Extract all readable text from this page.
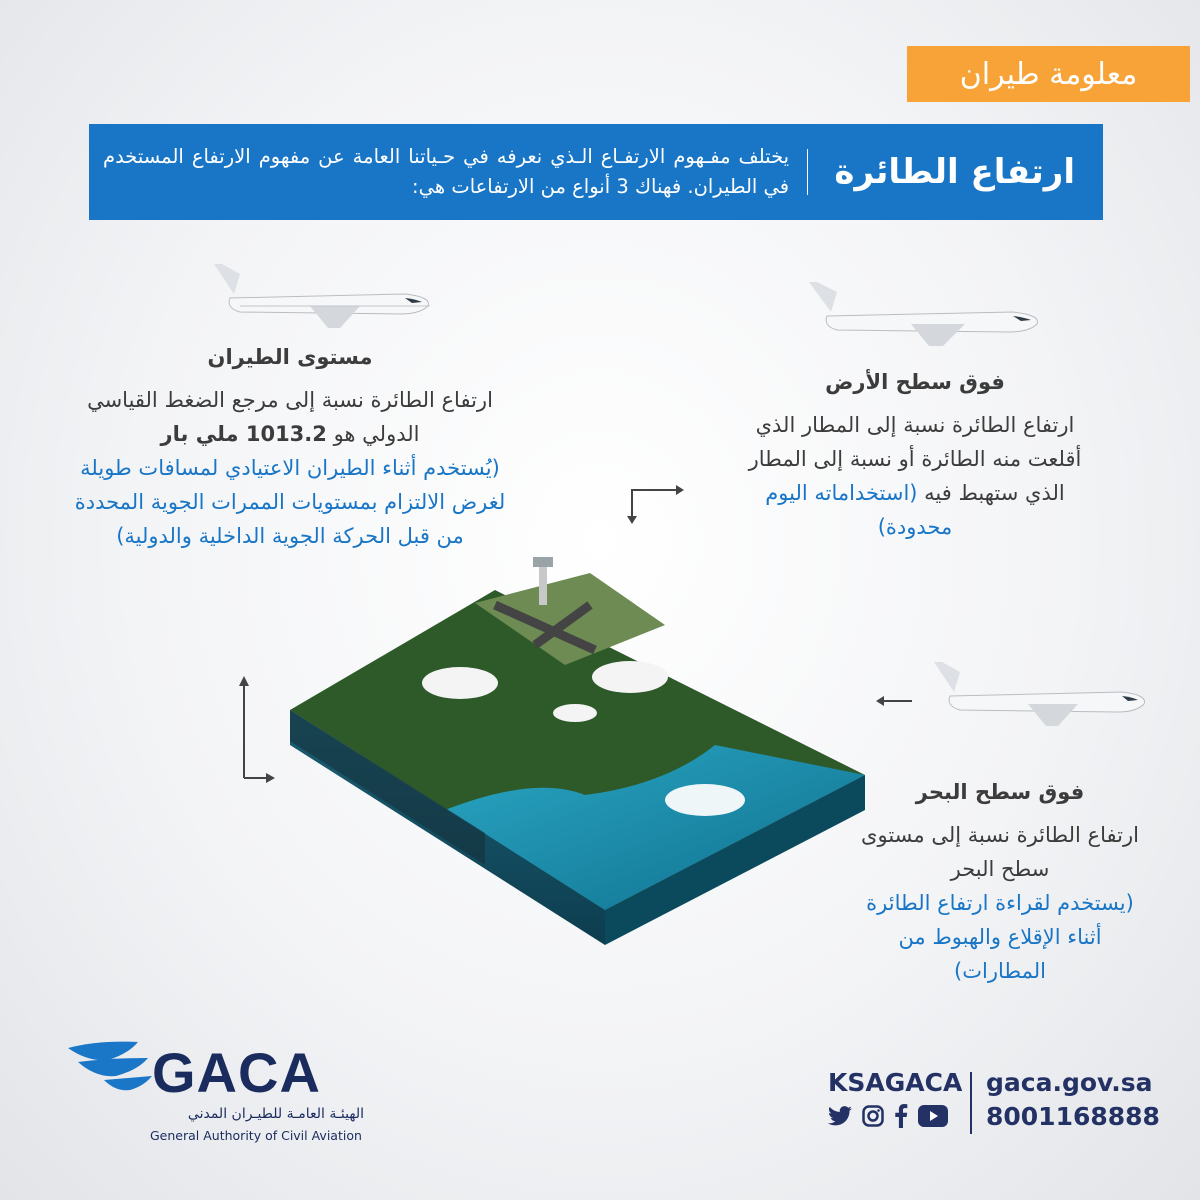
معلومة طيران
ارتفاع الطائرة
يختلف مفـهوم الارتفـاع الـذي نعرفه في حـياتنا العامة عن مفهوم الارتفاع المستخدم في الطيران. فهناك 3 أنواع من الارتفاعات هي:
مستوى الطيران
ارتفاع الطائرة نسبة إلى مرجع الضغط القياسي الدولي هو 1013.2 ملي بار
(يُستخدم أثناء الطيران الاعتيادي لمسافات طويلة لغرض الالتزام بمستويات الممرات الجوية المحددة من قبل الحركة الجوية الداخلية والدولية)
فوق سطح الأرض
ارتفاع الطائرة نسبة إلى المطار الذي أقلعت منه الطائرة أو نسبة إلى المطار الذي ستهبط فيه (استخداماته اليوم محدودة)
فوق سطح البحر
ارتفاع الطائرة نسبة إلى مستوى سطح البحر
(يستخدم لقراءة ارتفاع الطائرة أثناء الإقلاع والهبوط من المطارات)
GACA
الهيئـة العامـة للطيـران المدني
General Authority of Civil Aviation
KSAGACA gaca.gov.sa
8001168888
